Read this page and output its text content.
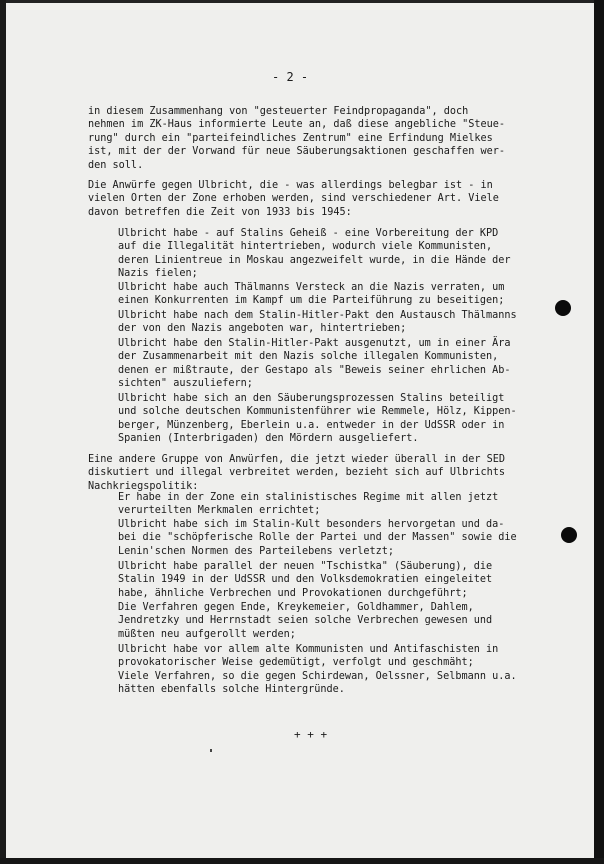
- 2 -

in diesem Zusammenhang von "gesteuerter Feindpropaganda", doch
nehmen im ZK-Haus informierte Leute an, daß diese angebliche "Steue-
rung" durch ein "parteifeindliches Zentrum" eine Erfindung Mielkes
ist, mit der der Vorwand für neue Säuberungsaktionen geschaffen wer-
den soll.

Die Anwürfe gegen Ulbricht, die - was allerdings belegbar ist - in
vielen Orten der Zone erhoben werden, sind verschiedener Art. Viele
davon betreffen die Zeit von 1933 bis 1945:

Ulbricht habe - auf Stalins Geheiß - eine Vorbereitung der KPD
auf die Illegalität hintertrieben, wodurch viele Kommunisten,
deren Linientreue in Moskau angezweifelt wurde, in die Hände der
Nazis fielen;

Ulbricht habe auch Thälmanns Versteck an die Nazis verraten, um
einen Konkurrenten im Kampf um die Parteiführung zu beseitigen;

Ulbricht habe nach dem Stalin-Hitler-Pakt den Austausch Thälmanns
der von den Nazis angeboten war, hintertrieben;

Ulbricht habe den Stalin-Hitler-Pakt ausgenutzt, um in einer Ära
der Zusammenarbeit mit den Nazis solche illegalen Kommunisten,
denen er mißtraute, der Gestapo als "Beweis seiner ehrlichen Ab-
sichten" auszuliefern;

Ulbricht habe sich an den Säuberungsprozessen Stalins beteiligt
und solche deutschen Kommunistenführer wie Remmele, Hölz, Kippen-
berger, Münzenberg, Eberlein u.a. entweder in der UdSSR oder in
Spanien (Interbrigaden) den Mördern ausgeliefert.

Eine andere Gruppe von Anwürfen, die jetzt wieder überall in der SED
diskutiert und illegal verbreitet werden, bezieht sich auf Ulbrichts
Nachkriegspolitik:

Er habe in der Zone ein stalinistisches Regime mit allen jetzt
verurteilten Merkmalen errichtet;

Ulbricht habe sich im Stalin-Kult besonders hervorgetan und da-
bei die "schöpferische Rolle der Partei und der Massen" sowie die
Lenin'schen Normen des Parteilebens verletzt;

Ulbricht habe parallel der neuen "Tschistka" (Säuberung), die
Stalin 1949 in der UdSSR und den Volksdemokratien eingeleitet
habe, ähnliche Verbrechen und Provokationen durchgeführt;

Die Verfahren gegen Ende, Kreykemeier, Goldhammer, Dahlem,
Jendretzky und Herrnstadt seien solche Verbrechen gewesen und
müßten neu aufgerollt werden;

Ulbricht habe vor allem alte Kommunisten und Antifaschisten in
provokatorischer Weise gedemütigt, verfolgt und geschmäht;

Viele Verfahren, so die gegen Schirdewan, Oelssner, Selbmann u.a.
hätten ebenfalls solche Hintergründe.

+ + +
